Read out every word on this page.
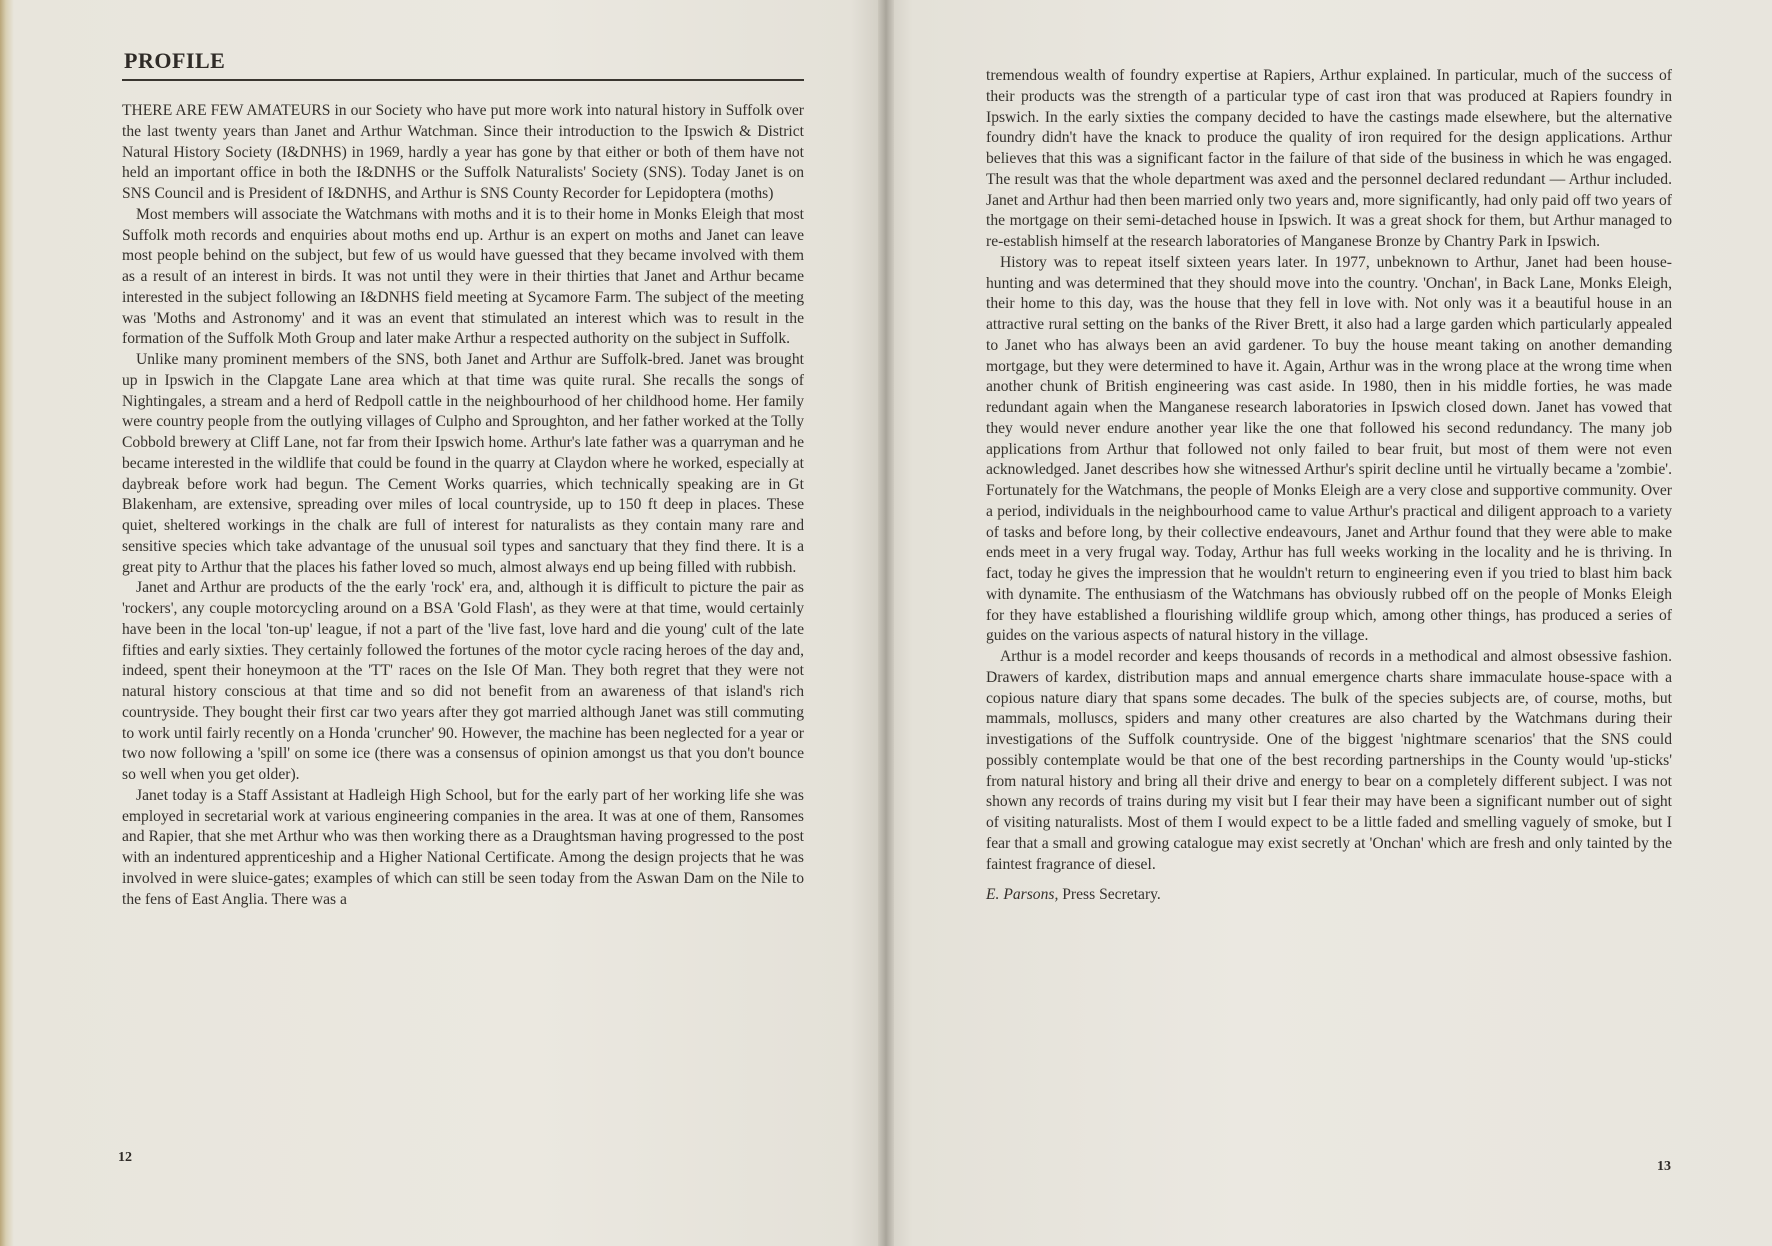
PROFILE

THERE ARE FEW AMATEURS in our Society who have put more work into natural history in Suffolk over the last twenty years than Janet and Arthur Watchman. Since their introduction to the Ipswich & District Natural History Society (I&DNHS) in 1969, hardly a year has gone by that either or both of them have not held an important office in both the I&DNHS or the Suffolk Naturalists' Society (SNS). Today Janet is on SNS Council and is President of I&DNHS, and Arthur is SNS County Recorder for Lepidoptera (moths)

Most members will associate the Watchmans with moths and it is to their home in Monks Eleigh that most Suffolk moth records and enquiries about moths end up. Arthur is an expert on moths and Janet can leave most people behind on the subject, but few of us would have guessed that they became involved with them as a result of an interest in birds. It was not until they were in their thirties that Janet and Arthur became interested in the subject following an I&DNHS field meeting at Sycamore Farm. The subject of the meeting was 'Moths and Astronomy' and it was an event that stimulated an interest which was to result in the formation of the Suffolk Moth Group and later make Arthur a respected authority on the subject in Suffolk.

Unlike many prominent members of the SNS, both Janet and Arthur are Suffolk-bred. Janet was brought up in Ipswich in the Clapgate Lane area which at that time was quite rural. She recalls the songs of Nightingales, a stream and a herd of Redpoll cattle in the neighbourhood of her childhood home. Her family were country people from the outlying villages of Culpho and Sproughton, and her father worked at the Tolly Cobbold brewery at Cliff Lane, not far from their Ipswich home. Arthur's late father was a quarryman and he became interested in the wildlife that could be found in the quarry at Claydon where he worked, especially at daybreak before work had begun. The Cement Works quarries, which technically speaking are in Gt Blakenham, are extensive, spreading over miles of local countryside, up to 150 ft deep in places. These quiet, sheltered workings in the chalk are full of interest for naturalists as they contain many rare and sensitive species which take advantage of the unusual soil types and sanctuary that they find there. It is a great pity to Arthur that the places his father loved so much, almost always end up being filled with rubbish.

Janet and Arthur are products of the the early 'rock' era, and, although it is difficult to picture the pair as 'rockers', any couple motorcycling around on a BSA 'Gold Flash', as they were at that time, would certainly have been in the local 'ton-up' league, if not a part of the 'live fast, love hard and die young' cult of the late fifties and early sixties. They certainly followed the fortunes of the motor cycle racing heroes of the day and, indeed, spent their honeymoon at the 'TT' races on the Isle Of Man. They both regret that they were not natural history conscious at that time and so did not benefit from an awareness of that island's rich countryside. They bought their first car two years after they got married although Janet was still commuting to work until fairly recently on a Honda 'cruncher' 90. However, the machine has been neglected for a year or two now following a 'spill' on some ice (there was a consensus of opinion amongst us that you don't bounce so well when you get older).

Janet today is a Staff Assistant at Hadleigh High School, but for the early part of her working life she was employed in secretarial work at various engineering companies in the area. It was at one of them, Ransomes and Rapier, that she met Arthur who was then working there as a Draughtsman having progressed to the post with an indentured apprenticeship and a Higher National Certificate. Among the design projects that he was involved in were sluice-gates; examples of which can still be seen today from the Aswan Dam on the Nile to the fens of East Anglia. There was a

12

tremendous wealth of foundry expertise at Rapiers, Arthur explained. In particular, much of the success of their products was the strength of a particular type of cast iron that was produced at Rapiers foundry in Ipswich. In the early sixties the company decided to have the castings made elsewhere, but the alternative foundry didn't have the knack to produce the quality of iron required for the design applications. Arthur believes that this was a significant factor in the failure of that side of the business in which he was engaged. The result was that the whole department was axed and the personnel declared redundant — Arthur included. Janet and Arthur had then been married only two years and, more significantly, had only paid off two years of the mortgage on their semi-detached house in Ipswich. It was a great shock for them, but Arthur managed to re-establish himself at the research laboratories of Manganese Bronze by Chantry Park in Ipswich.

History was to repeat itself sixteen years later. In 1977, unbeknown to Arthur, Janet had been house-hunting and was determined that they should move into the country. 'Onchan', in Back Lane, Monks Eleigh, their home to this day, was the house that they fell in love with. Not only was it a beautiful house in an attractive rural setting on the banks of the River Brett, it also had a large garden which particularly appealed to Janet who has always been an avid gardener. To buy the house meant taking on another demanding mortgage, but they were determined to have it. Again, Arthur was in the wrong place at the wrong time when another chunk of British engineering was cast aside. In 1980, then in his middle forties, he was made redundant again when the Manganese research laboratories in Ipswich closed down. Janet has vowed that they would never endure another year like the one that followed his second redundancy. The many job applications from Arthur that followed not only failed to bear fruit, but most of them were not even acknowledged. Janet describes how she witnessed Arthur's spirit decline until he virtually became a 'zombie'. Fortunately for the Watchmans, the people of Monks Eleigh are a very close and supportive community. Over a period, individuals in the neighbourhood came to value Arthur's practical and diligent approach to a variety of tasks and before long, by their collective endeavours, Janet and Arthur found that they were able to make ends meet in a very frugal way. Today, Arthur has full weeks working in the locality and he is thriving. In fact, today he gives the impression that he wouldn't return to engineering even if you tried to blast him back with dynamite. The enthusiasm of the Watchmans has obviously rubbed off on the people of Monks Eleigh for they have established a flourishing wildlife group which, among other things, has produced a series of guides on the various aspects of natural history in the village.

Arthur is a model recorder and keeps thousands of records in a methodical and almost obsessive fashion. Drawers of kardex, distribution maps and annual emergence charts share immaculate house-space with a copious nature diary that spans some decades. The bulk of the species subjects are, of course, moths, but mammals, molluscs, spiders and many other creatures are also charted by the Watchmans during their investigations of the Suffolk countryside. One of the biggest 'nightmare scenarios' that the SNS could possibly contemplate would be that one of the best recording partnerships in the County would 'up-sticks' from natural history and bring all their drive and energy to bear on a completely different subject. I was not shown any records of trains during my visit but I fear their may have been a significant number out of sight of visiting naturalists. Most of them I would expect to be a little faded and smelling vaguely of smoke, but I fear that a small and growing catalogue may exist secretly at 'Onchan' which are fresh and only tainted by the faintest fragrance of diesel.

E. Parsons, Press Secretary.

13
